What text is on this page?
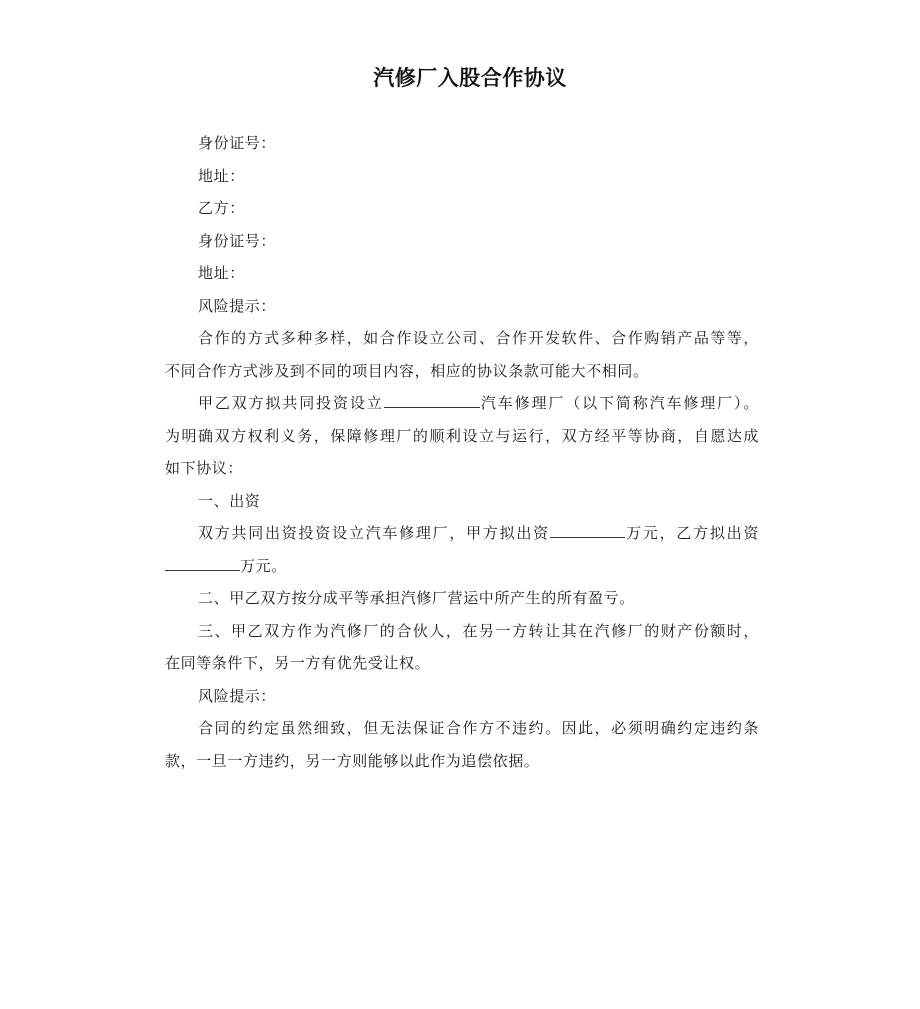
汽修厂入股合作协议
身份证号：
地址：
乙方：
身份证号：
地址：
风险提示：
合作的方式多种多样，如合作设立公司、合作开发软件、合作购销产品等等，
不同合作方式涉及到不同的项目内容，相应的协议条款可能大不相同。
甲乙双方拟共同投资设立	汽车修理厂（以下简称汽车修理厂）。
为明确双方权利义务，保障修理厂的顺利设立与运行，双方经平等协商，自愿达成
如下协议：
一、出资
双方共同出资投资设立汽车修理厂，甲方拟出资	万元，乙方拟出资
万元。
二、甲乙双方按分成平等承担汽修厂营运中所产生的所有盈亏。
三、甲乙双方作为汽修厂的合伙人，在另一方转让其在汽修厂的财产份额时，
在同等条件下，另一方有优先受让权。
风险提示：
合同的约定虽然细致，但无法保证合作方不违约。因此，必须明确约定违约条
款，一旦一方违约，另一方则能够以此作为追偿依据。
